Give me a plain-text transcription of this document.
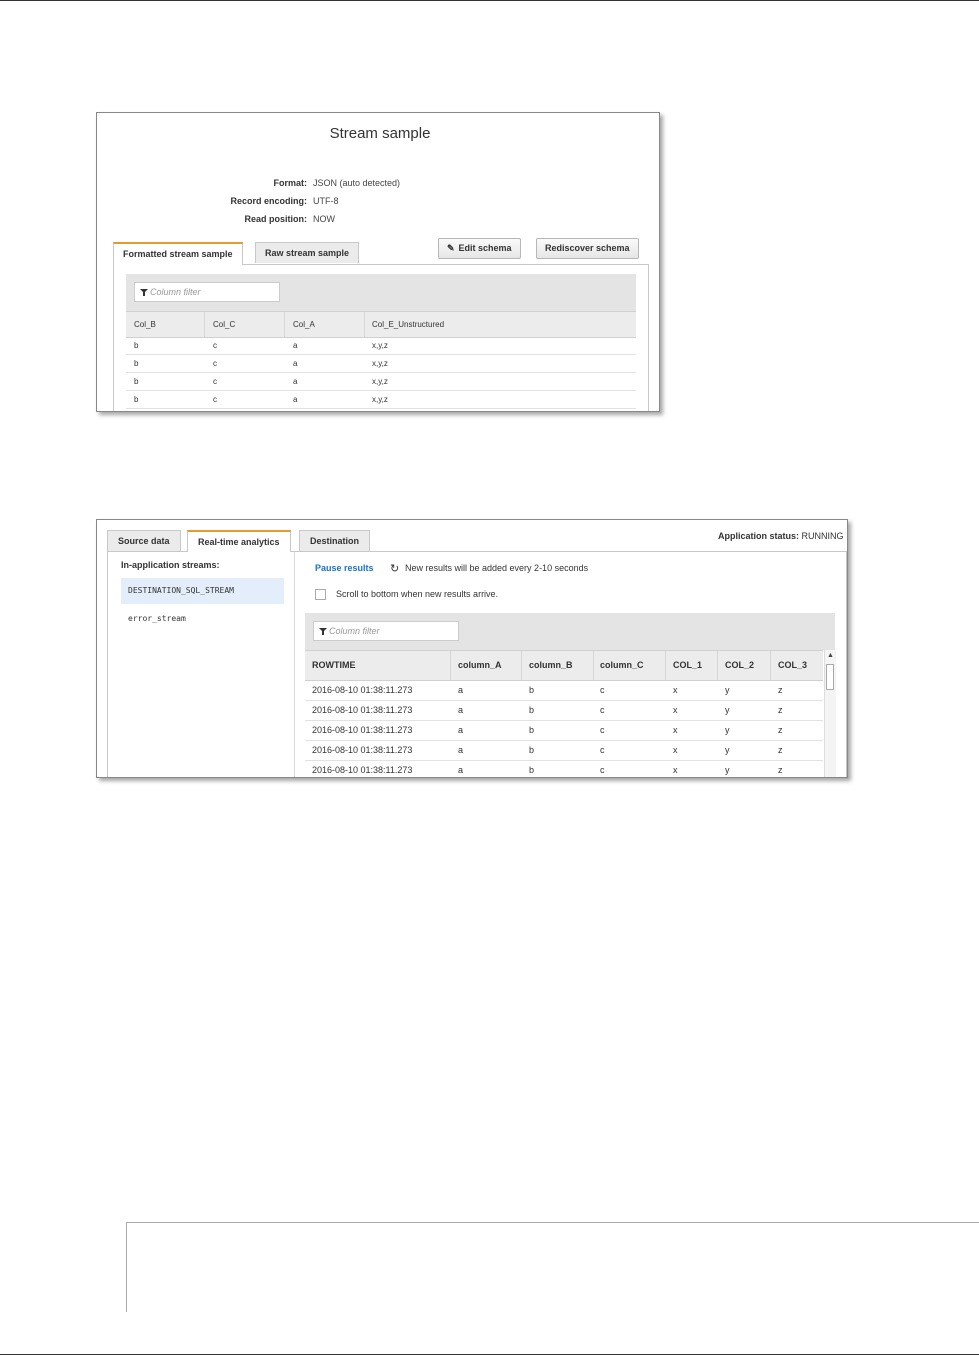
Stream sample
Format: JSON (auto detected)
Record encoding: UTF-8
Read position: NOW
Formatted stream sample	Raw stream sample	✎ Edit schema	Rediscover schema
Column filter
Col_B	Col_C	Col_A	Col_E_Unstructured
b	c	a	x,y,z
b	c	a	x,y,z
b	c	a	x,y,z
b	c	a	x,y,z
Source data	Real-time analytics	Destination	Application status: RUNNING
In-application streams:
DESTINATION_SQL_STREAM
error_stream
Pause results ↻ New results will be added every 2-10 seconds
Scroll to bottom when new results arrive.
Column filter
ROWTIME	column_A	column_B	column_C	COL_1	COL_2	COL_3
2016-08-10 01:38:11.273	a	b	c	x	y	z
2016-08-10 01:38:11.273	a	b	c	x	y	z
2016-08-10 01:38:11.273	a	b	c	x	y	z
2016-08-10 01:38:11.273	a	b	c	x	y	z
2016-08-10 01:38:11.273	a	b	c	x	y	z
▲
